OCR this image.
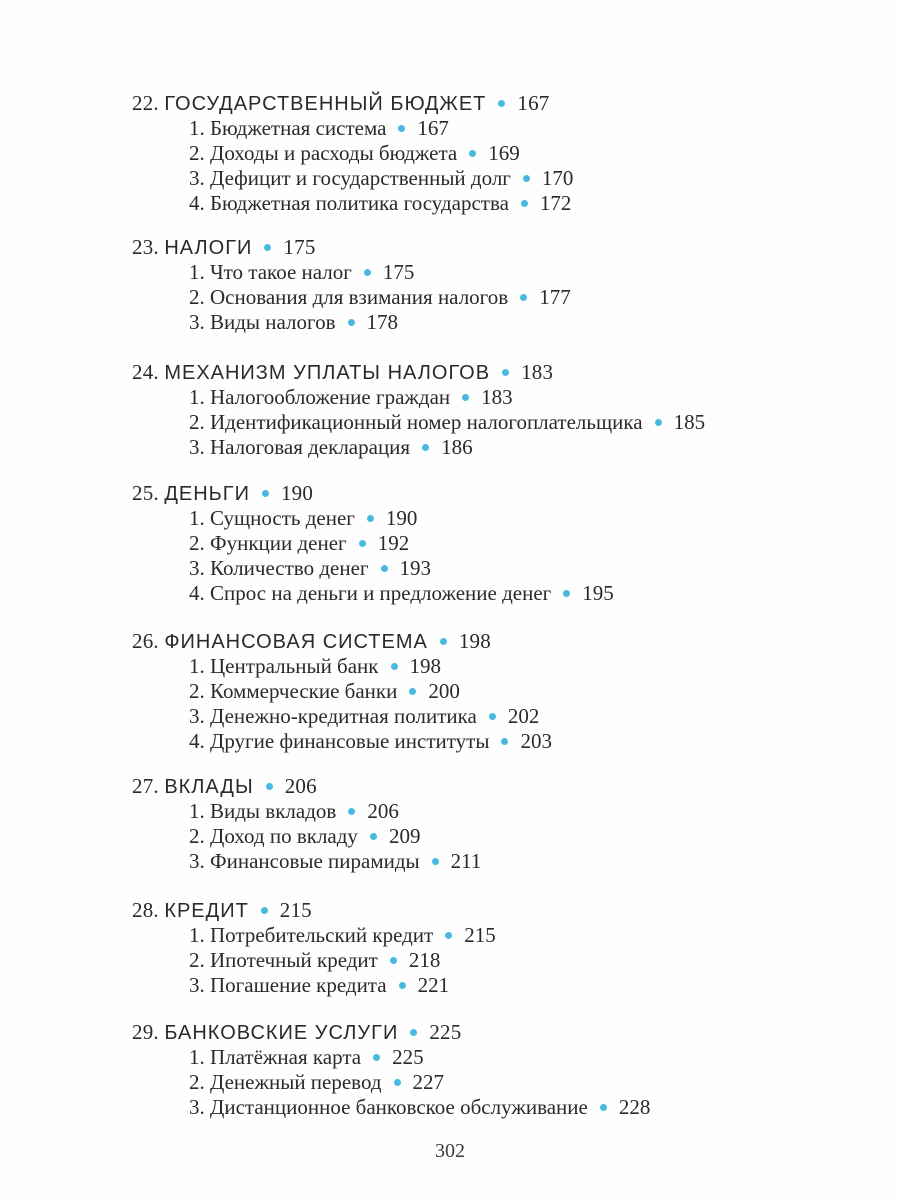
22. ГОСУДАРСТВЕННЫЙ БЮДЖЕТ 167
1. Бюджетная система 167
2. Доходы и расходы бюджета 169
3. Дефицит и государственный долг 170
4. Бюджетная политика государства 172
23. НАЛОГИ 175
1. Что такое налог 175
2. Основания для взимания налогов 177
3. Виды налогов 178
24. МЕХАНИЗМ УПЛАТЫ НАЛОГОВ 183
1. Налогообложение граждан 183
2. Идентификационный номер налогоплательщика 185
3. Налоговая декларация 186
25. ДЕНЬГИ 190
1. Сущность денег 190
2. Функции денег 192
3. Количество денег 193
4. Спрос на деньги и предложение денег 195
26. ФИНАНСОВАЯ СИСТЕМА 198
1. Центральный банк 198
2. Коммерческие банки 200
3. Денежно-кредитная политика 202
4. Другие финансовые институты 203
27. ВКЛАДЫ 206
1. Виды вкладов 206
2. Доход по вкладу 209
3. Финансовые пирамиды 211
28. КРЕДИТ 215
1. Потребительский кредит 215
2. Ипотечный кредит 218
3. Погашение кредита 221
29. БАНКОВСКИЕ УСЛУГИ 225
1. Платёжная карта 225
2. Денежный перевод 227
3. Дистанционное банковское обслуживание 228
302
